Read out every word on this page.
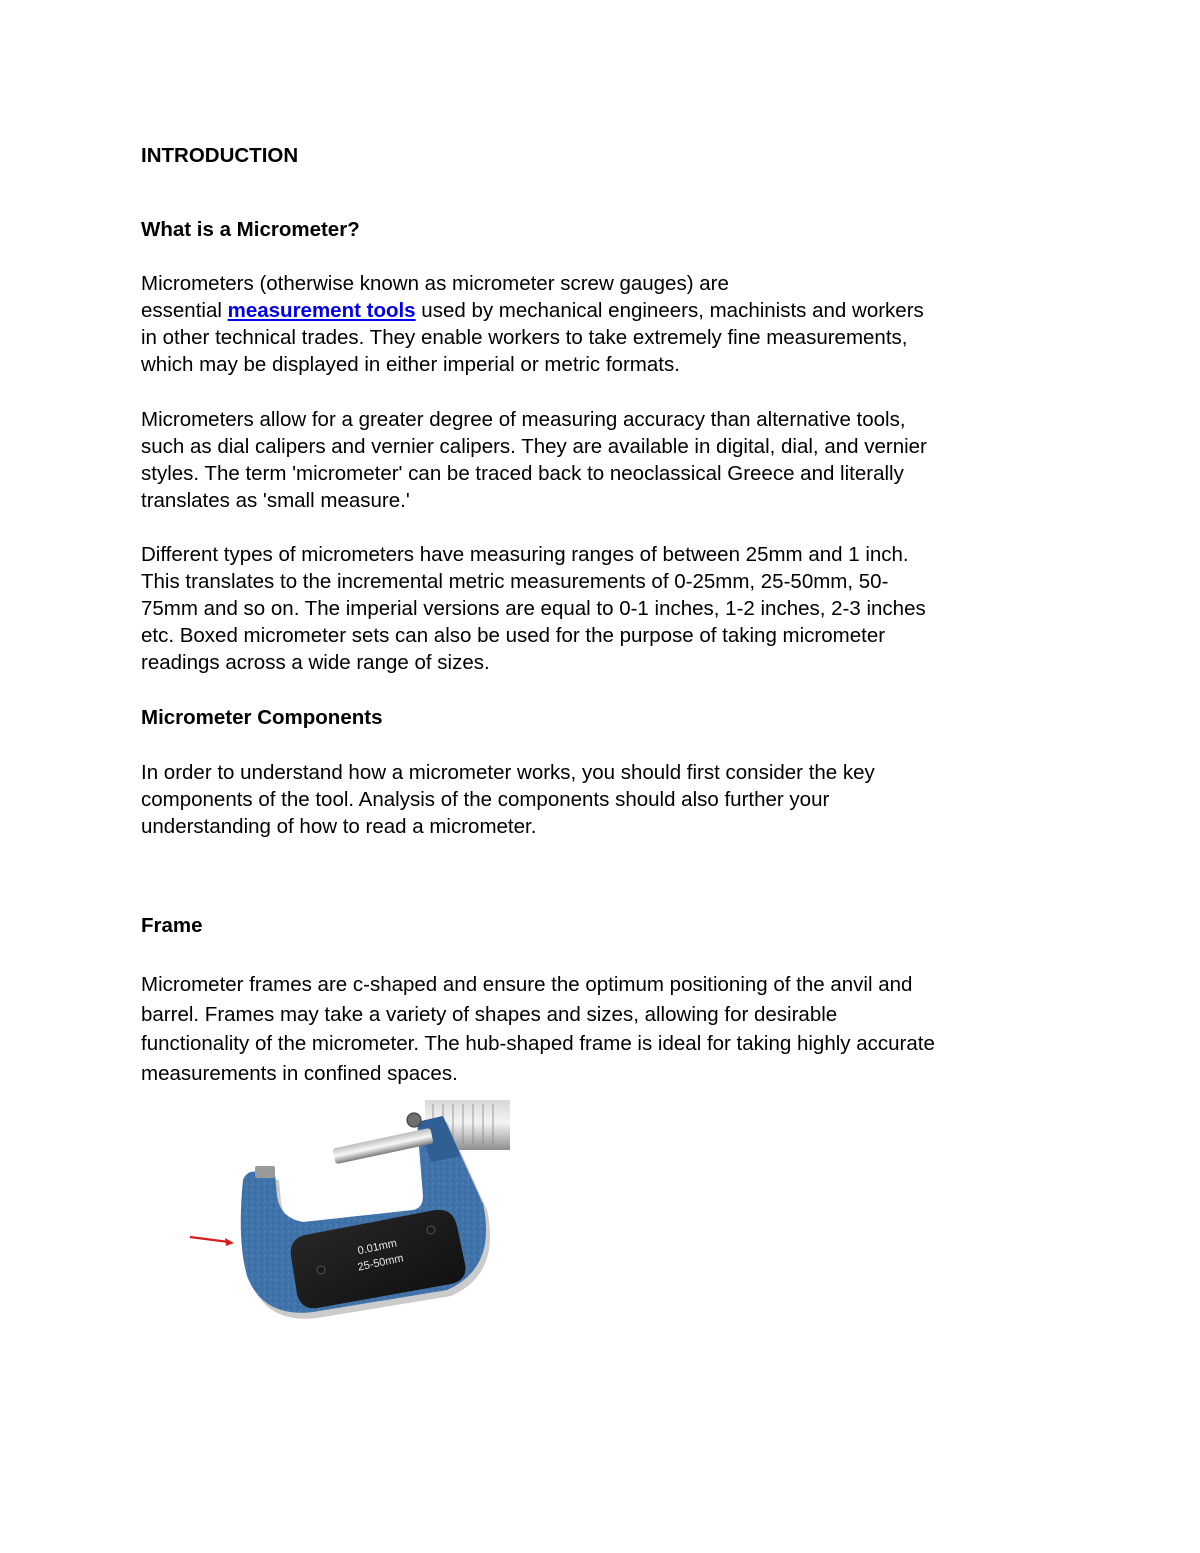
INTRODUCTION
What is a Micrometer?
Micrometers (otherwise known as micrometer screw gauges) are
essential measurement tools used by mechanical engineers, machinists and workers
in other technical trades. They enable workers to take extremely fine measurements,
which may be displayed in either imperial or metric formats.
Micrometers allow for a greater degree of measuring accuracy than alternative tools,
such as dial calipers and vernier calipers. They are available in digital, dial, and vernier
styles. The term 'micrometer' can be traced back to neoclassical Greece and literally
translates as 'small measure.'
Different types of micrometers have measuring ranges of between 25mm and 1 inch.
This translates to the incremental metric measurements of 0-25mm, 25-50mm, 50-
75mm and so on. The imperial versions are equal to 0-1 inches, 1-2 inches, 2-3 inches
etc. Boxed micrometer sets can also be used for the purpose of taking micrometer
readings across a wide range of sizes.
Micrometer Components
In order to understand how a micrometer works, you should first consider the key
components of the tool. Analysis of the components should also further your
understanding of how to read a micrometer.
Frame
Micrometer frames are c-shaped and ensure the optimum positioning of the anvil and
barrel. Frames may take a variety of shapes and sizes, allowing for desirable
functionality of the micrometer. The hub-shaped frame is ideal for taking highly accurate
measurements in confined spaces.
0.01mm
25-50mm
